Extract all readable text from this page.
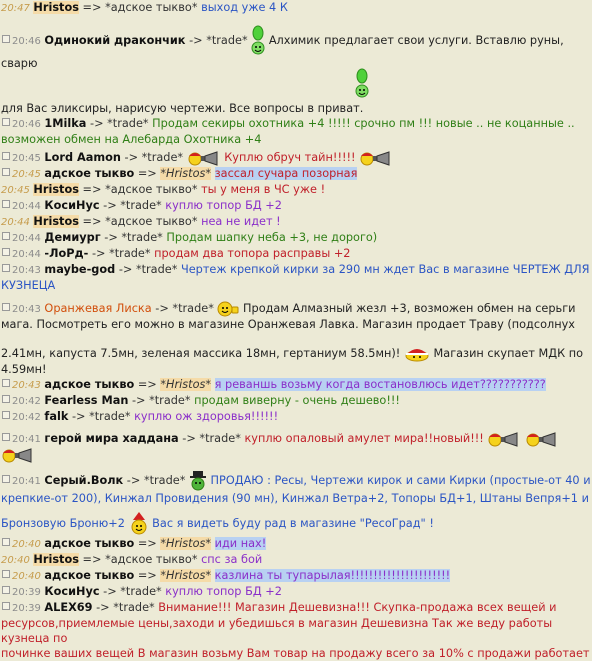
20:47 Hristos => *адское тыкво* выход уже 4 К
20:46 Одинокий дракончик -> *trade* Алхимик предлагает свои услуги. Вставлю руны, сварю
для Вас эликсиры, нарисую чертежи. Все вопросы в приват.
20:46 1Milka -> *trade* Продам секиры охотника +4 !!!!! срочно пм !!! новые .. не коцанные ..
возможен обмен на Алебарда Охотника +4
20:45 Lord Aamon -> *trade*	Куплю обруч тайн!!!!!
20:45 адское тыкво => *Hristos* зассал сучара позорная
20:45 Hristos => *адское тыкво* ты у меня в ЧС уже !
20:44 КосиНус -> *trade* куплю топор БД +2
20:44 Hristos => *адское тыкво* неа не идет !
20:44 Демиург -> *trade* Продам шапку неба +3, не дорого)
20:44 -ЛоРд- -> *trade* продам два топора расправы +2
20:43 maybe-god -> *trade* Чертеж крепкой кирки за 290 мн ждет Вас в магазине ЧЕРТЕЖ ДЛЯ
КУЗНЕЦА
20:43 Оранжевая Лиска -> *trade*	Продам Алмазный жезл +3, возможен обмен на серьги
мага. Посмотреть его можно в магазине Оранжевая Лавка. Магазин продает Траву (подсолнух
2.41мн, капуста 7.5мн, зеленая массика 18мн, гертаниум 58.5мн)!	Магазин скупает МДК по
4.59мн!
20:43 адское тыкво => *Hristos* я реваншь возьму когда востановлюсь идет???????????
20:42 Fearless Man -> *trade* продам виверну - очень дешево!!!
20:42 falk -> *trade* куплю ож здоровья!!!!!!
20:41 герой мира хаддана -> *trade* куплю опаловый амулет мира!!новый!!!

20:41 Серый.Волк -> *trade* ПРОДАЮ : Ресы, Чертежи кирок и сами Кирки (простые-от 40 и
крепкие-от 200), Кинжал Провидения (90 мн), Кинжал Ветра+2, Топоры БД+1, Штаны Вепря+1 и
Бронзовую Броню+2 Вас я видеть буду рад в магазине "РесоГрад" !
20:40 адское тыкво => *Hristos* иди нах!
20:40 Hristos => *адское тыкво* спс за бой
20:40 адское тыкво => *Hristos* казлина ты тупарылая!!!!!!!!!!!!!!!!!!!!!!
20:39 КосиНус -> *trade* куплю топор БД +2
20:39 ALEX69 -> *trade* Внимание!!! Магазин Дешевизна!!! Скупка-продажа всех вещей и
ресурсов,приемлемые цены,заходи и убедишься в магазин Дешевизна Так же веду работы кузнеца по
починке ваших вещей В магазин возьму Вам товар на продажу всего за 10% с продажи работает
